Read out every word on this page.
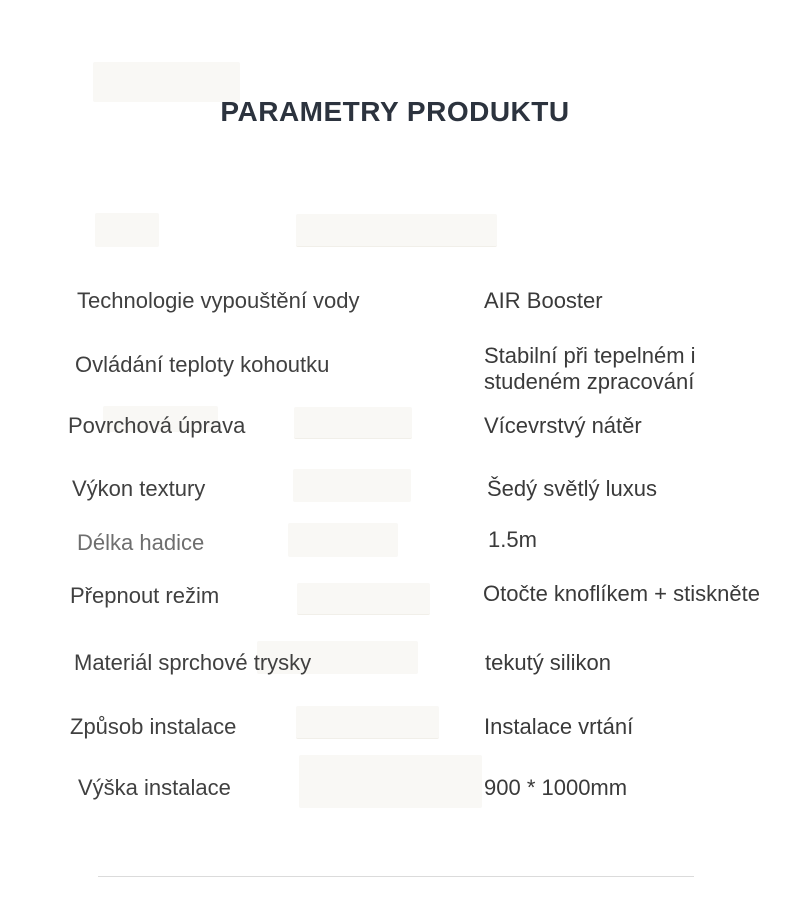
PARAMETRY PRODUKTU
Technologie vypouštění vody	AIR Booster
Ovládání teploty kohoutku	Stabilní při tepelném i studeném zpracování
Povrchová úprava	Vícevrstvý nátěr
Výkon textury	Šedý světlý luxus
Délka hadice	1.5m
Přepnout režim	Otočte knoflíkem + stiskněte
Materiál sprchové trysky	tekutý silikon
Způsob instalace	Instalace vrtání
Výška instalace	900 * 1000mm
